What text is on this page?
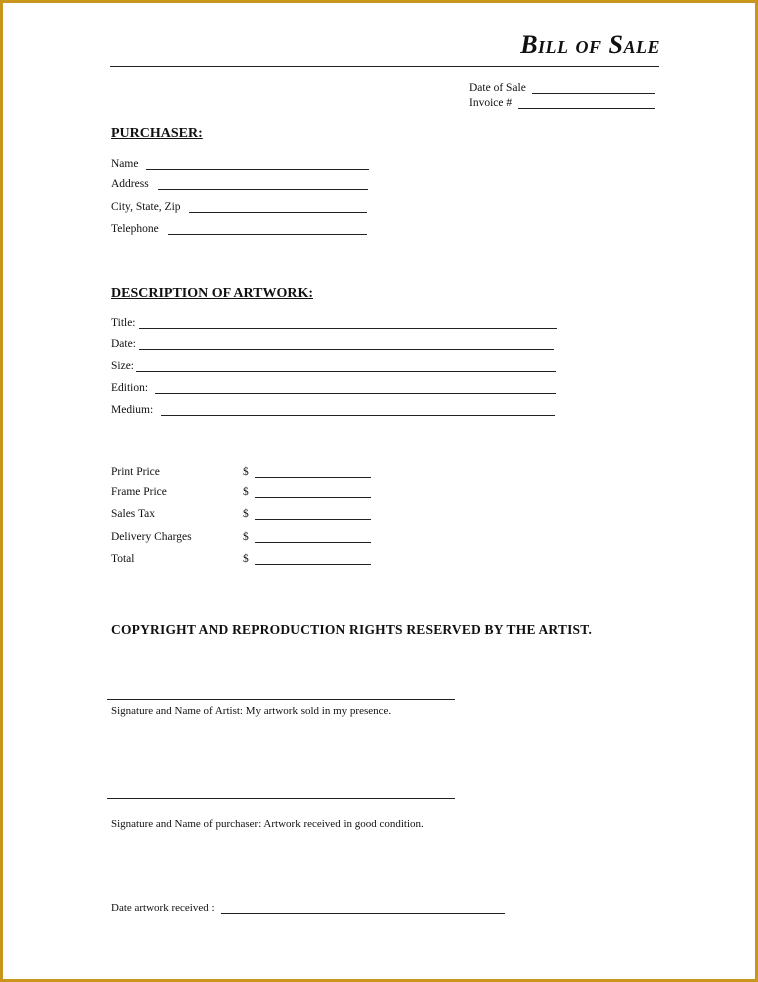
Bill of Sale
Date of Sale
Invoice #
PURCHASER:
Name
Address
City, State, Zip
Telephone
DESCRIPTION OF ARTWORK:
Title:
Date:
Size:
Edition:
Medium:
Print Price	$
Frame Price	$
Sales Tax	$
Delivery Charges	$
Total	$
COPYRIGHT AND REPRODUCTION RIGHTS RESERVED BY THE ARTIST.
Signature and Name of Artist: My artwork sold in my presence.
Signature and Name of purchaser: Artwork received in good condition.
Date artwork received :
